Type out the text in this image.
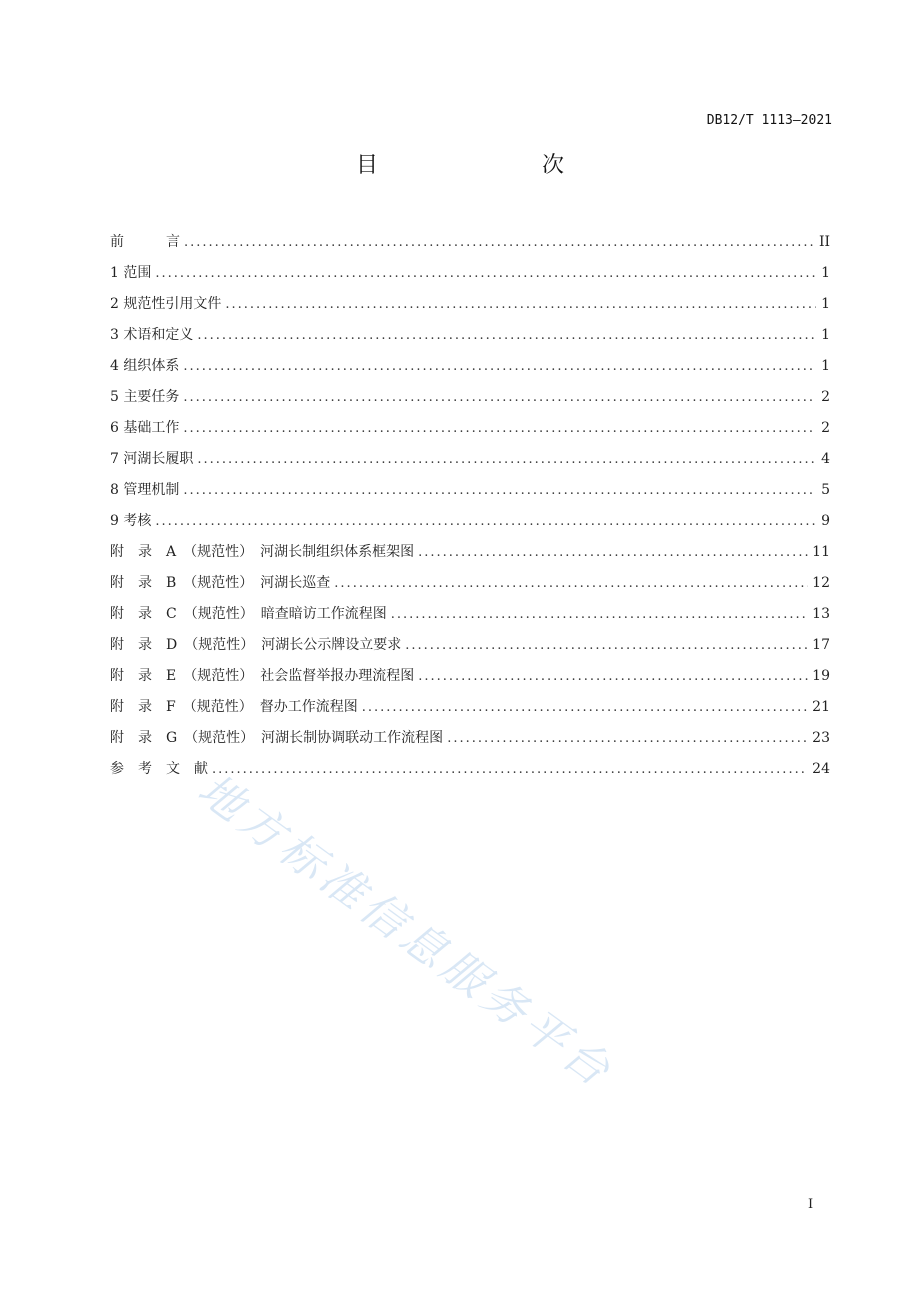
DB12/T 1113—2021
目　　次
前　　　言 .....	II
1 范围 .....	1
2 规范性引用文件 .....	1
3 术语和定义 .....	1
4 组织体系 .....	1
5 主要任务 .....	2
6 基础工作 .....	2
7 河湖长履职 .....	4
8 管理机制 .....	5
9 考核 .....	9
附　录　A　（规范性）　河湖长制组织体系框架图 .....	11
附　录　B　（规范性）　河湖长巡查 .....	12
附　录　C　（规范性）　暗查暗访工作流程图 .....	13
附　录　D　（规范性）　河湖长公示牌设立要求 .....	17
附　录　E　（规范性）　社会监督举报办理流程图 .....	19
附　录　F　（规范性）　督办工作流程图 .....	21
附　录　G　（规范性）　河湖长制协调联动工作流程图 .....	23
参　考　文　献 .....	24
地方标准信息服务平台
I
